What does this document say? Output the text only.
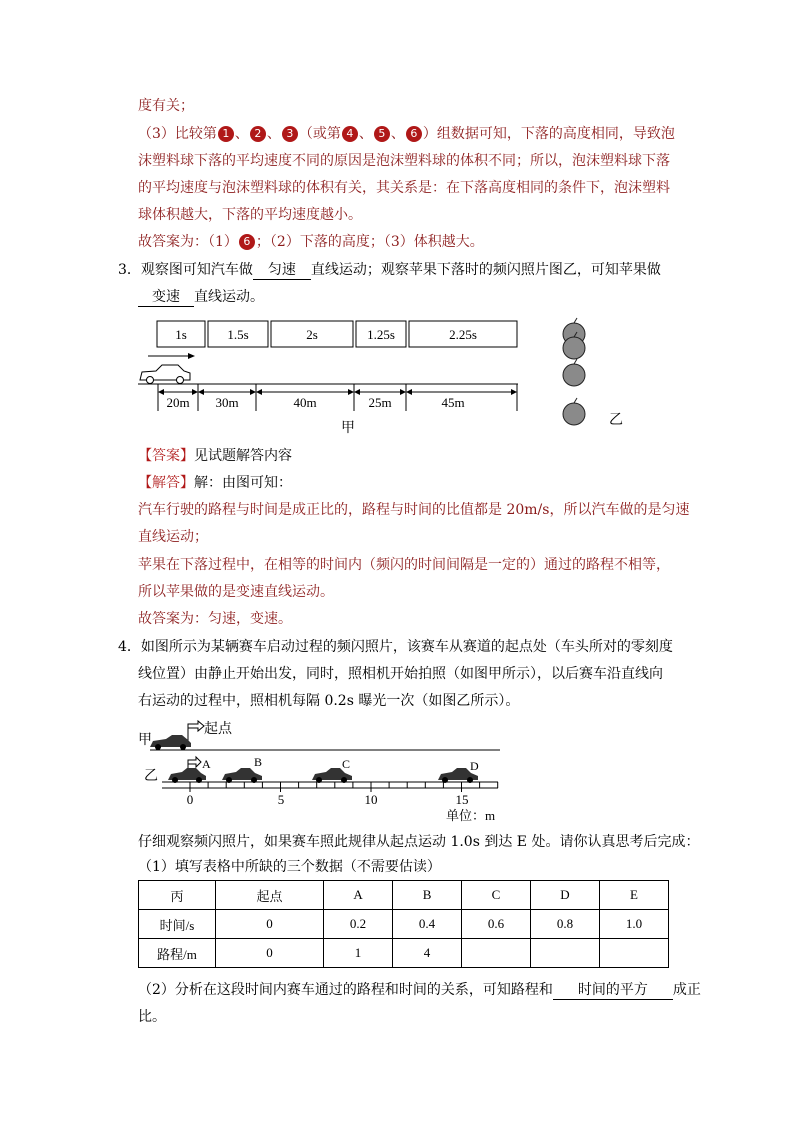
度有关；
（3）比较第 1 、 2 、 3 （或第 4 、 5 、 6 ）组数据可知，下落的高度相同，导致泡
沫塑料球下落的平均速度不同的原因是泡沫塑料球的体积不同；所以，泡沫塑料球下落
的平均速度与泡沫塑料球的体积有关，其关系是：在下落高度相同的条件下，泡沫塑料
球体积越大，下落的平均速度越小。
故答案为：（1） 6 ；（2）下落的高度；（3）体积越大。
3．观察图可知汽车做 匀速 直线运动；观察苹果下落时的频闪照片图乙，可知苹果做
变速 直线运动。
1s	1.5s	2s	1.25s	2.25s
20m 30m	40m	25m	45m
甲
乙
【答案】见试题解答内容
【解答】解：由图可知：
汽车行驶的路程与时间是成正比的，路程与时间的比值都是 20m/s，所以汽车做的是匀速
直线运动；
苹果在下落过程中，在相等的时间内（频闪的时间间隔是一定的）通过的路程不相等，
所以苹果做的是变速直线运动。
故答案为：匀速，变速。
4．如图所示为某辆赛车启动过程的频闪照片，该赛车从赛道的起点处（车头所对的零刻度
线位置）由静止开始出发，同时，照相机开始拍照（如图甲所示），以后赛车沿直线向
右运动的过程中，照相机每隔 0.2s 曝光一次（如图乙所示）。
甲
起点
乙
A	B	C	D
0	5	10	15
单位：m
仔细观察频闪照片，如果赛车照此规律从起点运动 1.0s 到达 E 处。请你认真思考后完成：
（1）填写表格中所缺的三个数据（不需要估读）
丙	起点	A	B	C	D	E
时间/s	0	0.2	0.4	0.6	0.8	1.0
路程/m	0	1	4			
（2）分析在这段时间内赛车通过的路程和时间的关系，可知路程和 时间的平方 成正
比。
